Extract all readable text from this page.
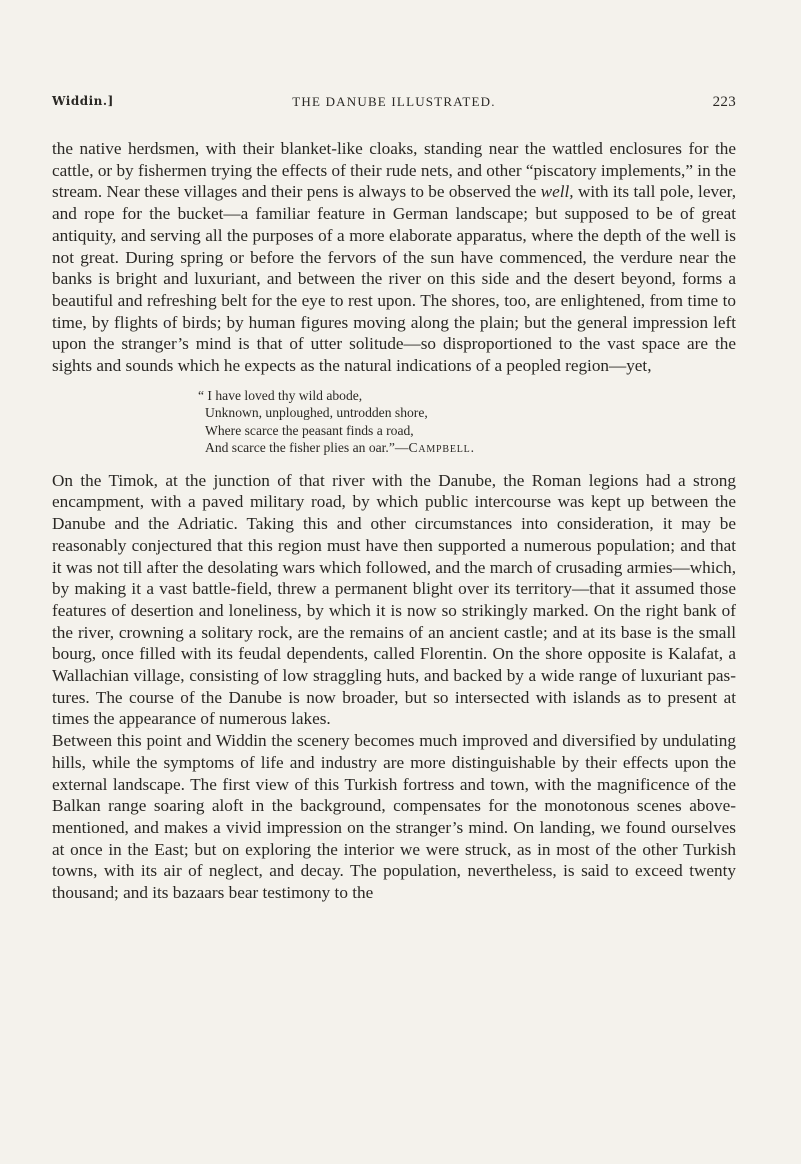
Widdin.]	THE DANUBE ILLUSTRATED.	223

the native herdsmen, with their blanket-like cloaks, standing near the wattled enclosures for the cattle, or by fishermen trying the effects of their rude nets, and other “piscatory implements,” in the stream. Near these villages and their pens is always to be observed the well, with its tall pole, lever, and rope for the bucket—a familiar feature in German landscape; but supposed to be of great antiquity, and serving all the purposes of a more elaborate apparatus, where the depth of the well is not great. During spring or before the fervors of the sun have commenced, the verdure near the banks is bright and luxuriant, and between the river on this side and the desert beyond, forms a beautiful and refreshing belt for the eye to rest upon. The shores, too, are enlightened, from time to time, by flights of birds; by human figures moving along the plain; but the general impression left upon the stranger’s mind is that of utter solitude—so disproportioned to the vast space are the sights and sounds which he expects as the natural indications of a peopled region—yet,

“ I have loved thy wild abode,
Unknown, unploughed, untrodden shore,
Where scarce the peasant finds a road,
And scarce the fisher plies an oar.”—Campbell.

On the Timok, at the junction of that river with the Danube, the Roman legions had a strong encampment, with a paved military road, by which public intercourse was kept up between the Danube and the Adriatic. Taking this and other circumstances into consideration, it may be reasonably conjectured that this region must have then supported a numerous population; and that it was not till after the desolating wars which followed, and the march of crusading armies—which, by making it a vast battle-field, threw a permanent blight over its territory—that it assumed those features of desertion and loneliness, by which it is now so strikingly marked. On the right bank of the river, crowning a solitary rock, are the remains of an ancient castle; and at its base is the small bourg, once filled with its feudal dependents, called Florentin. On the shore opposite is Kalafat, a Wallachian village, consisting of low straggling huts, and backed by a wide range of luxuriant pastures. The course of the Danube is now broader, but so intersected with islands as to present at times the appearance of numerous lakes.

Between this point and Widdin the scenery becomes much improved and diversified by undulating hills, while the symptoms of life and industry are more distinguishable by their effects upon the external landscape. The first view of this Turkish fortress and town, with the magnificence of the Balkan range soaring aloft in the background, compensates for the monotonous scenes above-mentioned, and makes a vivid impression on the stranger’s mind. On landing, we found ourselves at once in the East; but on exploring the interior we were struck, as in most of the other Turkish towns, with its air of neglect, and decay. The population, nevertheless, is said to exceed twenty thousand; and its bazaars bear testimony to the
